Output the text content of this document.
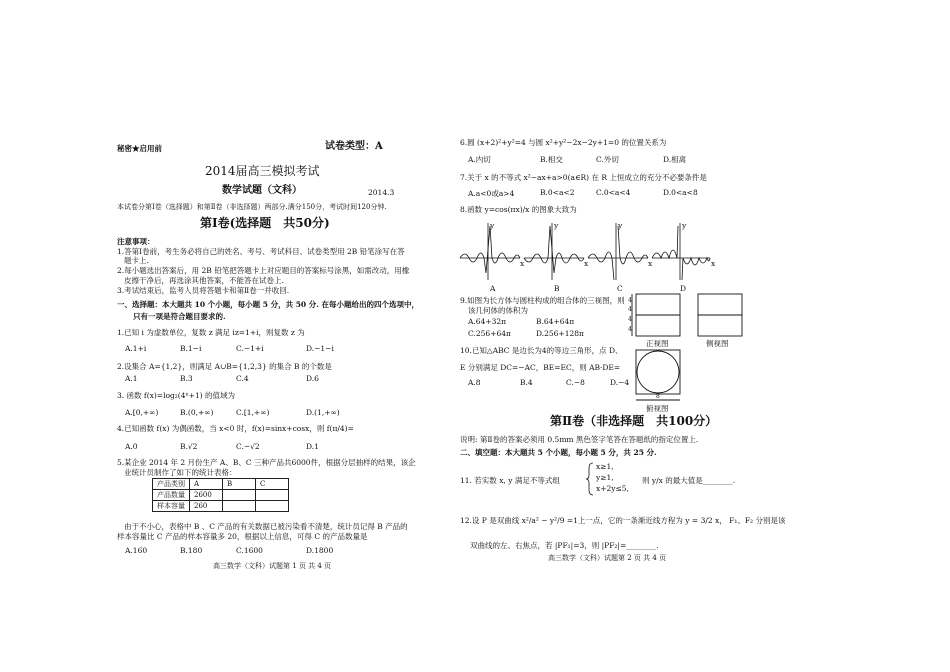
秘密★启用前	试卷类型：A
2014届高三模拟考试
数学试题（文科）	2014.3
本试卷分第Ⅰ卷（选择题）和第Ⅱ卷（非选择题）两部分.满分150分，考试时间120分钟.
第Ⅰ卷(选择题　共50分)
注意事项：
1.答第Ⅰ卷前，考生务必将自己的姓名、考号、考试科目、试卷类型用 2B 铅笔涂写在答
题卡上.
2.每小题选出答案后，用 2B 铅笔把答题卡上对应题目的答案标号涂黑，如需改动，用橡
皮擦干净后，再选涂其他答案，不能答在试卷上.
3.考试结束后，监考人员将答题卡和第Ⅱ卷一并收回.
一、选择题：本大题共 10 个小题，每小题 5 分，共 50 分. 在每小题给出的四个选项中，
只有一项是符合题目要求的.
1.已知 i 为虚数单位，复数 z 满足 iz=1+i，则复数 z 为
A.1+i	B.1−i	C.−1+i	D.−1−i
2.设集合 A={1,2}，则满足 A∪B={1,2,3} 的集合 B 的个数是
A.1	B.3	C.4	D.6
3. 函数 f(x)=log₂(4ˣ+1) 的值域为
A.[0,+∞)	B.(0,+∞)	C.[1,+∞)	D.(1,+∞)
4.已知函数 f(x) 为偶函数，当 x<0 时，f(x)=sinx+cosx，则 f(π/4)=
A.0	B.√2	C.−√2	D.1
5.某企业 2014 年 2 月份生产 A、B、C 三种产品共6000件，根据分层抽样的结果，该企
业统计员制作了如下的统计表格：
产品类别	A	B	C
产品数量	2600		
样本容量	260		
由于不小心，表格中 B 、C 产品的有关数据已被污染看不清楚，统计员记得 B 产品的
样本容量比 C 产品的样本容量多 20，根据以上信息，可得 C 的产品数量是
A.160	B.180	C.1600	D.1800
高三数学（文科）试题第 1 页 共 4 页
6.圆 (x+2)²+y²=4 与圆 x²+y²−2x−2y+1=0 的位置关系为
A.内切	B.相交	C.外切	D.相离
7.关于 x 的不等式 x²−ax+a>0(a∈R) 在 R 上恒成立的充分不必要条件是
A.a<0或a>4	B.0<a<2	C.0<a<4	D.0<a<8
8.函数 y=cos(πx)/x 的图象大致为
A	B	C	D
y	y	y	y
x	x	x	x
9.如图为长方体与圆柱构成的组合体的三视图，则
该几何体的体积为
A.64+32π	B.64+64π
C.256+64π	D.256+128π
4
4
4
4
正视图	侧视图
8
俯视图
10.已知△ABC 是边长为4的等边三角形，点 D、
E 分别满足 DC=−AC，BE=EC，则 AB·DE=
A.8	B.4	C.−8	D.−4
第Ⅱ卷（非选择题　共100分）
说明: 第Ⅱ卷的答案必须用 0.5mm 黑色签字笔答在答题纸的指定位置上.
二、填空题：本大题共 5 个小题，每小题 5 分，共 25 分.
11. 若实数 x, y 满足不等式组
x≥1,
y≥1,
x+2y≤5,
则 y/x 的最大值是________.
12.设 P 是双曲线 x²/a² − y²/9 =1上一点，它的一条渐近线方程为 y = 3/2 x， F₁、F₂ 分别是该
双曲线的左、右焦点，若 |PF₁|=3，则 |PF₂|=________.
高三数学（文科）试题第 2 页 共 4 页
